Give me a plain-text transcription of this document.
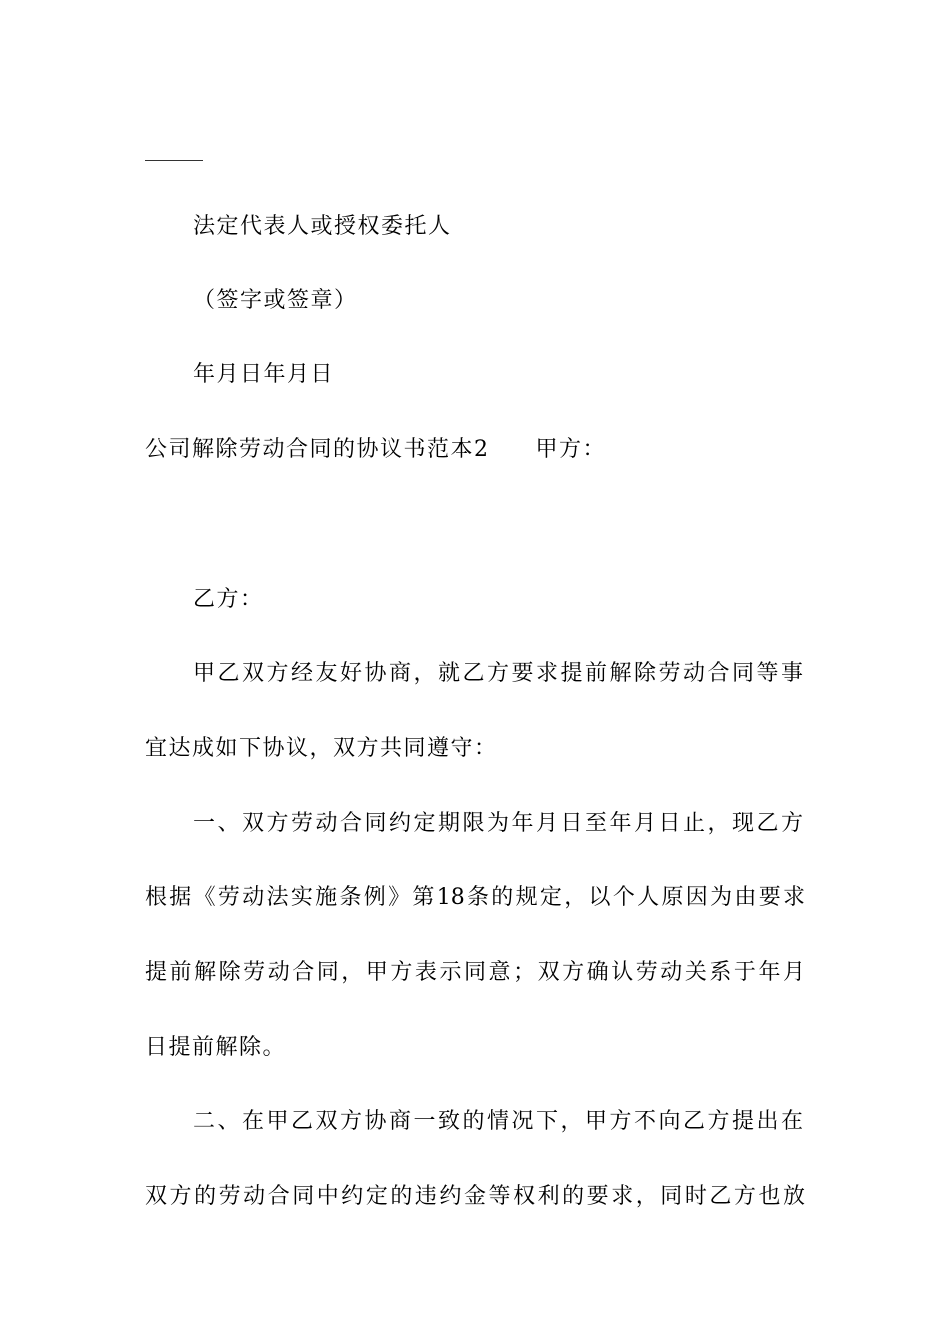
法定代表人或授权委托人
（签字或签章）
年月日年月日
公司解除劳动合同的协议书范本2 甲方：
乙方：
甲乙双方经友好协商，就乙方要求提前解除劳动合同等事
宜达成如下协议，双方共同遵守：
一、双方劳动合同约定期限为年月日至年月日止，现乙方
根据《劳动法实施条例》第18条的规定，以个人原因为由要求
提前解除劳动合同，甲方表示同意；双方确认劳动关系于年月
日提前解除。
二、在甲乙双方协商一致的情况下，甲方不向乙方提出在
双方的劳动合同中约定的违约金等权利的要求，同时乙方也放
